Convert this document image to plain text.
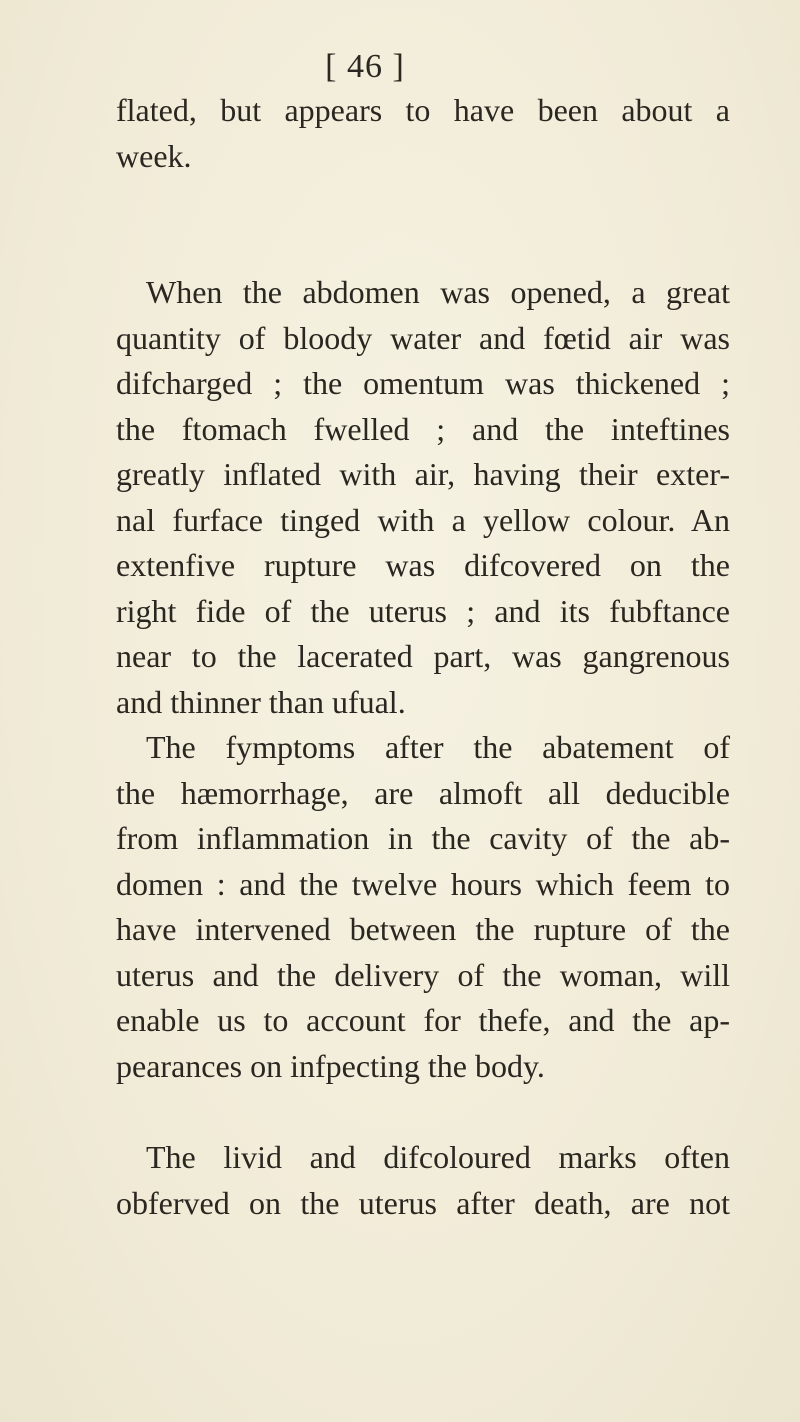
[ 46 ]
flated, but appears to have been about a
week.
When the abdomen was opened, a great
quantity of bloody water and fœtid air was
difcharged ; the omentum was thickened ;
the ftomach fwelled ; and the inteftines
greatly inflated with air, having their exter-
nal furface tinged with a yellow colour. An
extenfive rupture was difcovered on the
right fide of the uterus ; and its fubftance
near to the lacerated part, was gangrenous
and thinner than ufual.
The fymptoms after the abatement of
the hæmorrhage, are almoft all deducible
from inflammation in the cavity of the ab-
domen : and the twelve hours which feem to
have intervened between the rupture of the
uterus and the delivery of the woman, will
enable us to account for thefe, and the ap-
pearances on infpecting the body.
The livid and difcoloured marks often
obferved on the uterus after death, are not
